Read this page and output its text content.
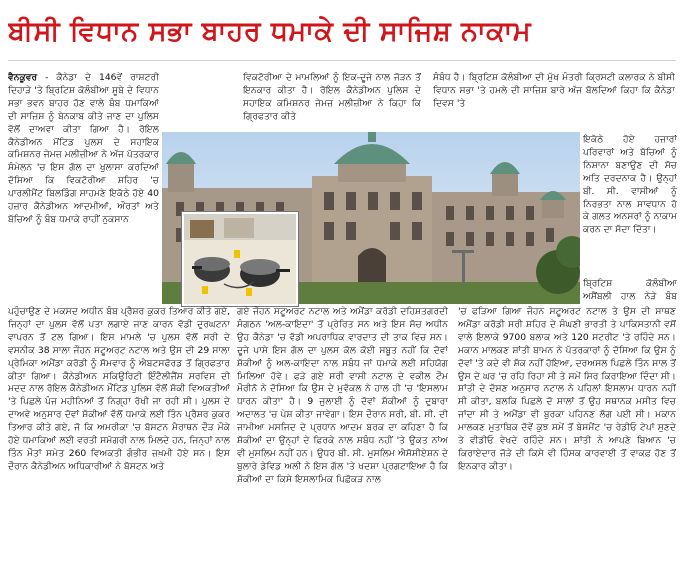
ਬੀਸੀ ਵਿਧਾਨ ਸਭਾ ਬਾਹਰ ਧਮਾਕੇ ਦੀ ਸਾਜਿਸ਼ ਨਾਕਾਮ

ਵੈਨਕੂਵਰ - ਕੈਨੇਡਾ ਦੇ 146ਵੇਂ ਰਾਸ਼ਟਰੀ ਦਿਹਾੜੇ 'ਤੇ ਬ੍ਰਿਟਿਸ਼ ਕੋਲੰਬੀਆ ਸੂਬੇ ਦੇ ਵਿਧਾਨ ਸਭਾ ਭਵਨ ਬਾਹਰ ਹੋਣ ਵਾਲੇ ਬੰਬ ਧਮਾਕਿਆਂ ਦੀ ਸਾਜ਼ਿਸ਼ ਨੂੰ ਬੇਨਕਾਬ ਕੀਤੇ ਜਾਣ ਦਾ ਪੁਲਿਸ ਵੱਲੋਂ ਦਾਅਵਾ ਕੀਤਾ ਗਿਆ ਹੈ। ਰੋਇਲ ਕੈਨੇਡੀਅਨ ਮੋਂਟਿਡ ਪੁਲਸ ਦੇ ਸਹਾਇਕ ਕਮਿਸ਼ਨਰ ਜੇਮਜ਼ ਮਲੀਜ਼ੀਆ ਨੇ ਅੱਜ ਪੱਤਰਕਾਰ ਸੰਮੇਲਨ 'ਚ ਇਸ ਗੱਲ ਦਾ ਖੁਲਾਸਾ ਕਰਦਿਆਂ ਦੱਸਿਆ ਕਿ ਵਿਕਟੋਰੀਆ ਸ਼ਹਿਰ 'ਚ ਪਾਰਲੀਮੈਂਟ ਬਿਲਡਿੰਗ ਸਾਹਮਣੇ ਇਕੱਠੇ ਹੋਏ 40 ਹਜ਼ਾਰ ਕੈਨੇਡੀਅਨ ਆਦਮੀਆਂ, ਔਰਤਾਂ ਅਤੇ ਬੱਚਿਆਂ ਨੂੰ ਬੰਬ ਧਮਾਕੇ ਰਾਹੀਂ ਨੁਕਸਾਨ

ਵਿਕਟੋਰੀਆ ਦੇ ਮਾਮਲਿਆਂ ਨੂੰ ਇਕ-ਦੂਜੇ ਨਾਲ ਜੋੜਨ ਤੋਂ ਇਨਕਾਰ ਕੀਤਾ ਹੈ। ਰੋਇਲ ਕੈਨੇਡੀਅਨ ਪੁਲਿਸ ਦੇ ਸਹਾਇਕ ਕਮਿਸ਼ਨਰ ਜੇਮਜ਼ ਮਲੀਜ਼ੀਆ ਨੇ ਕਿਹਾ ਕਿ ਗ੍ਰਿਫਤਾਰ ਕੀਤੇ

ਸੰਬੰਧ ਹੈ। ਬ੍ਰਿਟਿਸ਼ ਕੋਲੰਬੀਆ ਦੀ ਮੁੱਖ ਮੰਤਰੀ ਕ੍ਰਿਸਟੀ ਕਲਾਰਕ ਨੇ ਬੀਸੀ ਵਿਧਾਨ ਸਭਾ 'ਤੇ ਹਮਲੇ ਦੀ ਸਾਜ਼ਿਸ਼ ਬਾਰੇ ਅੱਜ ਬੋਲਦਿਆਂ ਕਿਹਾ ਕਿ ਕੈਨੇਡਾ ਦਿਵਸ 'ਤੇ

ਇਕੱਠੇ ਹੋਏ ਹਜ਼ਾਰਾਂ ਪਰਿਵਾਰਾਂ ਅਤੇ ਬੱਚਿਆਂ ਨੂੰ ਨਿਸ਼ਾਨਾ ਬਣਾਉਣ ਦੀ ਸੋਚ ਅਤਿ ਦਰਦਨਾਕ ਹੈ। ਉਨ੍ਹਾਂ ਬੀ. ਸੀ. ਵਾਸੀਆਂ ਨੂੰ ਨਿਰਭਤਾ ਨਾਲ ਸਾਵਧਾਨ ਹੋ ਕੇ ਗਲਤ ਅਨਸਰਾਂ ਨੂੰ ਨਾਕਾਮ ਕਰਨ ਦਾ ਸੱਦਾ ਦਿੱਤਾ।

ਬ੍ਰਿਟਿਸ਼ ਕੋਲੰਬੀਆ ਅਸੈਂਬਲੀ ਹਾਲ ਨੇੜੇ ਬੰਬ

ਪਹੁੰਚਾਉਣ ਦੇ ਮਕਸਦ ਅਧੀਨ ਬੰਬ ਪ੍ਰੈਸ਼ਰ ਕੁਕਰ ਤਿਆਰ ਕੀਤੇ ਗਏ, ਜਿਨ੍ਹਾਂ ਦਾ ਪੁਲਸ ਵੱਲੋਂ ਪਤਾ ਲਗਾਏ ਜਾਣ ਕਾਰਨ ਵੱਡੀ ਦੁਰਘਟਨਾ ਵਾਪਰਨ ਤੋਂ ਟਲ ਗਿਆ। ਇਸ ਮਾਮਲੇ 'ਚ ਪੁਲਸ ਵੱਲੋਂ ਸਰੀ ਦੇ ਵਸਨੀਕ 38 ਸਾਲਾ ਜੌਹਨ ਸਟੂਅਰਟ ਨਟਾਲ ਅਤੇ ਉਸ ਦੀ 29 ਸਾਲਾ ਪ੍ਰੇਮਿਕਾ ਅਮੈਂਡਾ ਕਰੋਡੀ ਨੂੰ ਸੋਮਵਾਰ ਨੂੰ ਐਬਟਸਫੋਰਡ ਤੋਂ ਗ੍ਰਿਫਤਾਰ ਕੀਤਾ ਗਿਆ। ਕੈਨੇਡੀਅਨ ਸਕਿਉਰਿਟੀ ਇੰਟੈਲੀਜੈਂਸ ਸਰਵਿਸ ਦੀ ਮਦਦ ਨਾਲ ਰੋਇਲ ਕੈਨੇਡੀਅਨ ਮੌਂਟਿਡ ਪੁਲਿਸ ਵੱਲੋਂ ਸ਼ੱਕੀ ਵਿਅਕਤੀਆਂ 'ਤੇ ਪਿਛਲੇ ਪੰਜ ਮਹੀਨਿਆਂ ਤੋਂ ਨਿਗ੍ਹਾ ਰੱਖੀ ਜਾ ਰਹੀ ਸੀ। ਪੁਲਸ ਦੇ ਦਾਅਵੇ ਅਨੁਸਾਰ ਦੋਵਾਂ ਸ਼ੱਕੀਆਂ ਵੱਲੋਂ ਧਮਾਕੇ ਲਈ ਤਿੰਨ ਪ੍ਰੈਸ਼ਰ ਕੁਕਰ ਤਿਆਰ ਕੀਤੇ ਗਏ, ਜੋ ਕਿ ਅਮਰੀਕਾ 'ਚ ਬੋਸਟਨ ਮੈਰਾਥਨ ਦੌੜ ਮੌਕੇ ਹੋਏ ਧਮਾਕਿਆਂ ਲਈ ਵਰਤੀ ਸਮੱਗਰੀ ਨਾਲ ਮਿਲਦੇ ਹਨ, ਜਿਨ੍ਹਾਂ ਨਾਲ ਤਿੰਨ ਮੌਤਾਂ ਸਮੇਤ 260 ਵਿਅਕਤੀ ਗੰਭੀਰ ਜ਼ਖ਼ਮੀ ਹੋਏ ਸਨ। ਇਸ ਦੌਰਾਨ ਕੈਨੇਡੀਅਨ ਅਧਿਕਾਰੀਆਂ ਨੇ ਬੋਸਟਨ ਅਤੇ

ਗਏ ਜੌਹਨ ਸਟੂਅਰਟ ਨਟਾਲ ਅਤੇ ਅਮੈਂਡਾ ਕਰੋਡੀ ਦਹਿਸ਼ਤਗਰਦੀ ਸੰਗਠਨ 'ਅਲ-ਕਾਇਦਾ' ਤੋਂ ਪ੍ਰੇਰਿਤ ਸਨ ਅਤੇ ਇਸ ਸੋਚ ਅਧੀਨ ਉਹ ਕੈਨੇਡਾ 'ਚ ਵੱਡੀ ਅਪਰਾਧਿਕ ਵਾਰਦਾਤ ਦੀ ਤਾਕ ਵਿਚ ਸਨ। ਦੂਜੇ ਪਾਸੇ ਇਸ ਗੱਲ ਦਾ ਪੁਲਸ ਕੋਲ ਕੋਈ ਸਬੂਤ ਨਹੀਂ ਕਿ ਦੋਵਾਂ ਸ਼ੱਕੀਆਂ ਨੂੰ ਅਲ-ਕਾਇਦਾ ਨਾਲ ਸਬੰਧ ਜਾਂ ਧਮਾਕੇ ਲਈ ਸਹਿਯੋਗ ਮਿਲਿਆ ਹੋਵੇ। ਫੜੇ ਗਏ ਸਰੀ ਵਾਸੀ ਨਟਾਲ ਦੇ ਵਕੀਲ ਟੌਮ ਮੌਰੀਨੋ ਨੇ ਦੱਸਿਆ ਕਿ ਉਸ ਦੇ ਮੁਵੱਕਲ ਨੇ ਹਾਲ ਹੀ 'ਚ 'ਇਸਲਾਮ ਧਾਰਨ ਕੀਤਾ' ਹੈ। 9 ਜੁਲਾਈ ਨੂੰ ਦੋਵਾਂ ਸ਼ੱਕੀਆਂ ਨੂੰ ਦੁਬਾਰਾ ਅਦਾਲਤ 'ਚ ਪੇਸ਼ ਕੀਤਾ ਜਾਵੇਗਾ। ਇਸ ਦੌਰਾਨ ਸਰੀ, ਬੀ. ਸੀ. ਦੀ ਜਾਮੀਆ ਮਸਜਿਦ ਦੇ ਪ੍ਰਧਾਨ ਆਦਮ ਬਰਕ ਦਾ ਕਹਿਣਾ ਹੈ ਕਿ ਸ਼ੱਕੀਆਂ ਦਾ ਉਨ੍ਹਾਂ ਦੇ ਫਿਰਕੇ ਨਾਲ ਸਬੰਧ ਨਹੀਂ 'ਤੇ ਉਕਤ ਨਾਂਅ ਵੀ ਮੁਸਲਿਮ ਨਹੀਂ ਹਨ। ਉਧਰ ਬੀ. ਸੀ. ਮੁਸਲਿਮ ਐਸੋਸੀਏਸ਼ਨ ਦੇ ਬੁਲਾਰੇ ਡੇਵਿਡ ਅਲੀ ਨੇ ਇਸ ਗੱਲ 'ਤੇ ਖਦਸ਼ਾ ਪ੍ਰਗਟਾਇਆ ਹੈ ਕਿ ਸ਼ੱਕੀਆਂ ਦਾ ਕਿਸੇ ਇਸਲਾਮਿਕ ਪਿਛੋਕੜ ਨਾਲ

'ਚ ਫੜਿਆ ਗਿਆ ਜੌਹਨ ਸਟੂਅਰਟ ਨਟਾਲ ਤੇ ਉਸ ਦੀ ਸਾਥਣ ਅਮੈਂਡਾ ਕਰੋਡੀ ਸਰੀ ਸ਼ਹਿਰ ਦੇ ਸੰਘਣੀ ਭਾਰਤੀ ਤੇ ਪਾਕਿਸਤਾਨੀ ਵਸੋਂ ਵਾਲੇ ਇਲਾਕੇ 9700 ਬਲਾਕ ਅਤੇ 120 ਸਟਰੀਟ 'ਤੇ ਰਹਿੰਦੇ ਸਨ। ਮਕਾਨ ਮਾਲਕਣ ਸ਼ਾਂਤੀ ਬਾਮਨ ਨੇ ਪੱਤਰਕਾਰਾਂ ਨੂੰ ਦੱਸਿਆ ਕਿ ਉਸ ਨੂੰ ਦੋਵਾਂ 'ਤੇ ਕਦੇ ਵੀ ਸ਼ੱਕ ਨਹੀਂ ਹੋਇਆ, ਦਰਅਸਲ ਪਿਛਲੇ ਤਿੰਨ ਸਾਲ ਤੋਂ ਉਸ ਦੇ ਘਰ 'ਚ ਰਹਿ ਰਿਹਾ ਸੀ ਤੇ ਸਮੇਂ ਸਿਰ ਕਿਰਾਇਆ ਦਿੰਦਾ ਸੀ। ਸ਼ਾਂਤੀ ਦੇ ਦੱਸਣ ਅਨੁਸਾਰ ਨਟਾਲ ਨੇ ਪਹਿਲਾਂ ਇਸਲਾਮ ਧਾਰਨ ਨਹੀਂ ਸੀ ਕੀਤਾ, ਬਲਕਿ ਪਿਛਲੇ ਦੋ ਸਾਲਾਂ ਤੋਂ ਉਹ ਸਥਾਨਕ ਮਸੀਤ ਵਿਚ ਜਾਂਦਾ ਸੀ ਤੇ ਅਮੈਂਡਾ ਵੀ ਬੁਰਕਾ ਪਹਿਨਣ ਲੱਗ ਪਈ ਸੀ। ਮਕਾਨ ਮਾਲਕਣ ਮੁਤਾਬਿਕ ਦੋਵੇਂ ਕੁਝ ਸਮੇਂ ਤੋਂ ਬੇਸਮੈਂਟ 'ਚ ਰੇਡੀਓ ਟੇਪਾਂ ਸੁਣਦੇ ਤੇ ਵੀਡੀਓ ਵੇਖਦੇ ਰਹਿੰਦੇ ਸਨ। ਸ਼ਾਂਤੀ ਨੇ ਆਪਣੇ ਬਿਆਨ 'ਚ ਕਿਰਾਏਦਾਰ ਜੋੜੇ ਦੀ ਕਿਸੇ ਵੀ ਹਿੰਸਕ ਕਾਰਵਾਈ ਤੋਂ ਵਾਕਫ਼ ਹੋਣ ਤੋਂ ਇਨਕਾਰ ਕੀਤਾ।
